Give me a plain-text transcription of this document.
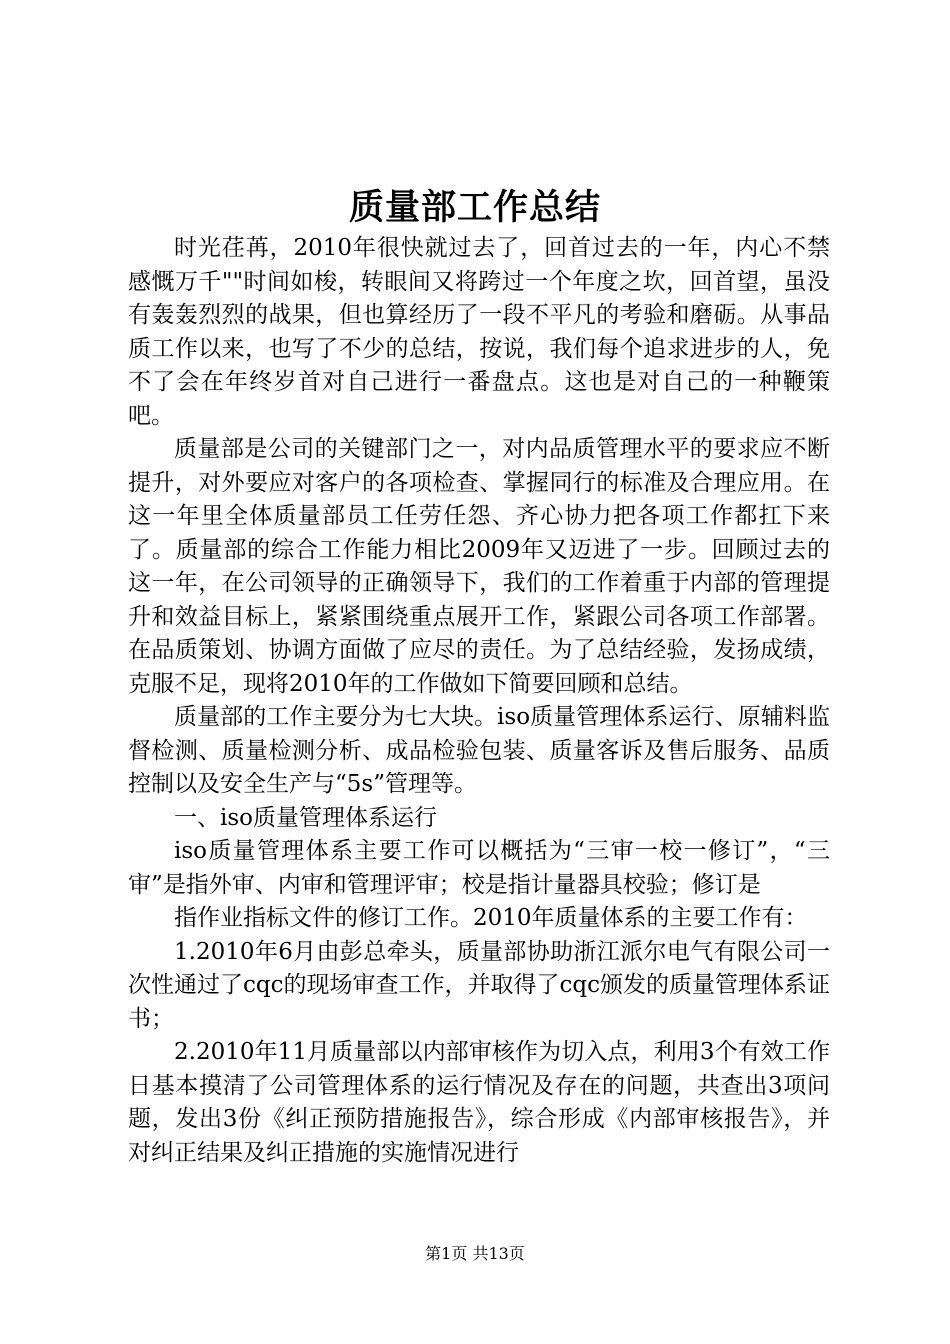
质量部工作总结

时光荏苒，2010年很快就过去了，回首过去的一年，内心不禁感慨万千""时间如梭，转眼间又将跨过一个年度之坎，回首望，虽没有轰轰烈烈的战果，但也算经历了一段不平凡的考验和磨砺。从事品质工作以来，也写了不少的总结，按说，我们每个追求进步的人，免不了会在年终岁首对自己进行一番盘点。这也是对自己的一种鞭策吧。

质量部是公司的关键部门之一，对内品质管理水平的要求应不断提升，对外要应对客户的各项检查、掌握同行的标准及合理应用。在这一年里全体质量部员工任劳任怨、齐心协力把各项工作都扛下来了。质量部的综合工作能力相比2009年又迈进了一步。回顾过去的这一年，在公司领导的正确领导下，我们的工作着重于内部的管理提升和效益目标上，紧紧围绕重点展开工作，紧跟公司各项工作部署。在品质策划、协调方面做了应尽的责任。为了总结经验，发扬成绩，克服不足，现将2010年的工作做如下简要回顾和总结。

质量部的工作主要分为七大块。iso质量管理体系运行、原辅料监督检测、质量检测分析、成品检验包装、质量客诉及售后服务、品质控制以及安全生产与“5s”管理等。

一、iso质量管理体系运行

iso质量管理体系主要工作可以概括为“三审一校一修订”，“三审”是指外审、内审和管理评审；校是指计量器具校验；修订是

指作业指标文件的修订工作。2010年质量体系的主要工作有：

1.2010年6月由彭总牵头，质量部协助浙江派尔电气有限公司一次性通过了cqc的现场审查工作，并取得了cqc颁发的质量管理体系证书；

2.2010年11月质量部以内部审核作为切入点，利用3个有效工作日基本摸清了公司管理体系的运行情况及存在的问题，共查出3项问题，发出3份《纠正预防措施报告》，综合形成《内部审核报告》，并对纠正结果及纠正措施的实施情况进行

第1页 共13页
